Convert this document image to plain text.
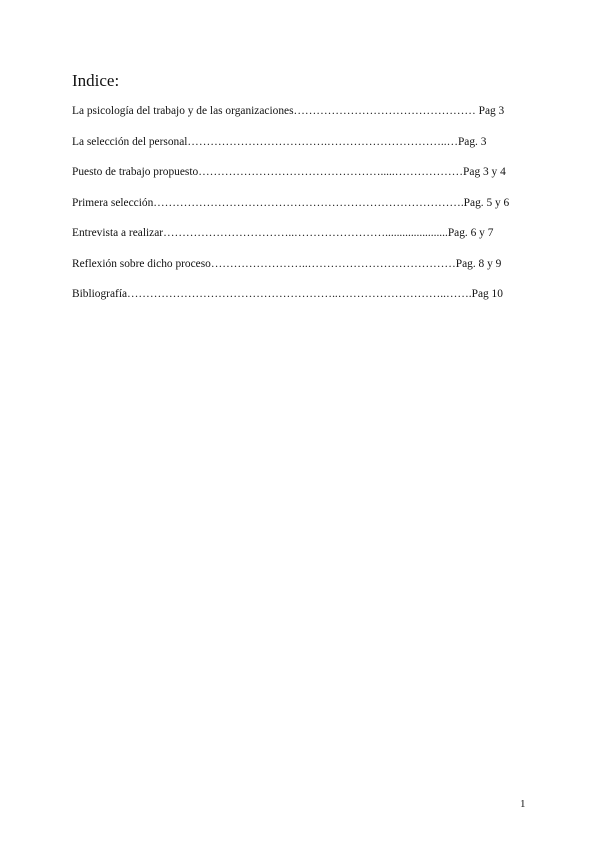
Indice:
La psicología del trabajo y de las organizaciones………………………………………… Pag 3
La selección del personal……………………………….…………………………..…Pag. 3
Puesto de trabajo propuesto………………………………………….....………………Pag 3 y 4
Primera selección……………………………………………………………………….Pag. 5 y 6
Entrevista a realizar……………………………..……………………......................Pag. 6 y 7
Reflexión sobre dicho proceso……………………..…………………………………Pag. 8 y 9
Bibliografía………………………………………………..………………………..…….Pag 10
1
